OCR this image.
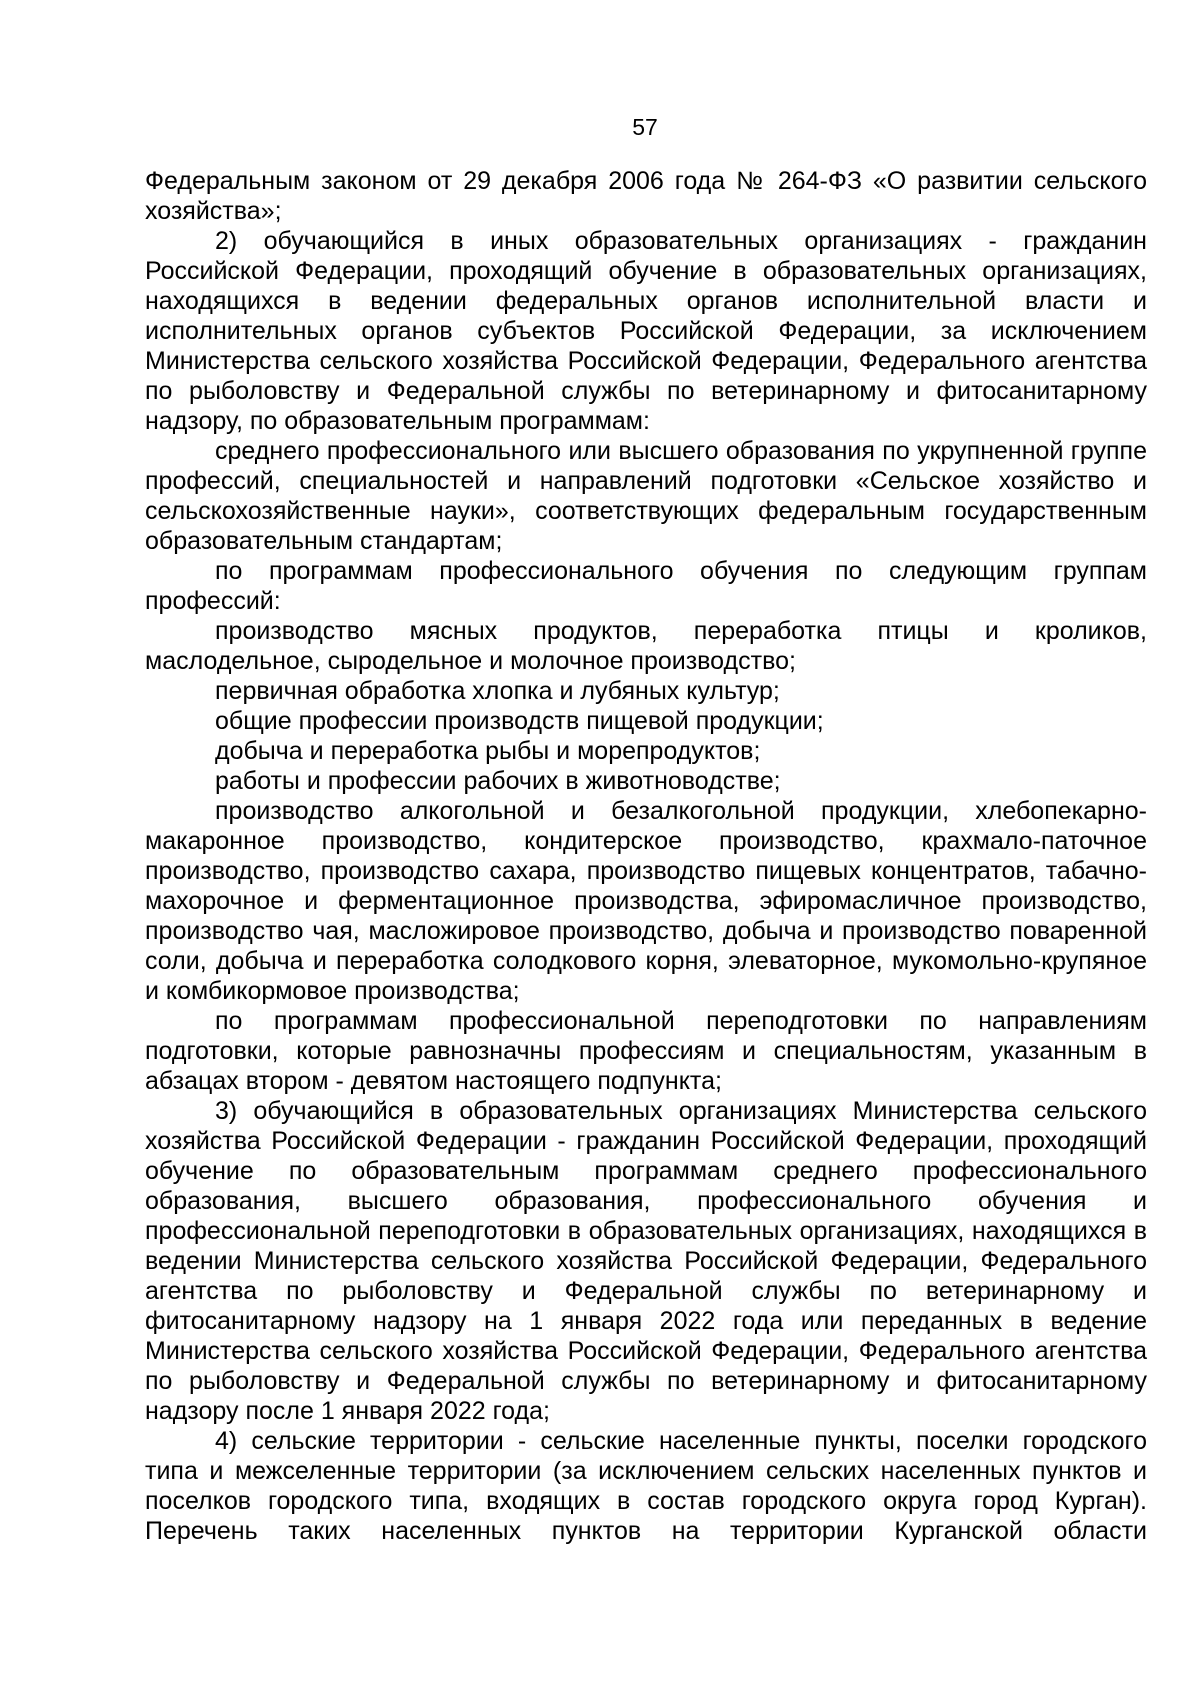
57

Федеральным законом от 29 декабря 2006 года № 264-ФЗ «О развитии сельского хозяйства»;

2) обучающийся в иных образовательных организациях - гражданин Российской Федерации, проходящий обучение в образовательных организациях, находящихся в ведении федеральных органов исполнительной власти и исполнительных органов субъектов Российской Федерации, за исключением Министерства сельского хозяйства Российской Федерации, Федерального агентства по рыболовству и Федеральной службы по ветеринарному и фитосанитарному надзору, по образовательным программам:

среднего профессионального или высшего образования по укрупненной группе профессий, специальностей и направлений подготовки «Сельское хозяйство и сельскохозяйственные науки», соответствующих федеральным государственным образовательным стандартам;

по программам профессионального обучения по следующим группам профессий:

производство мясных продуктов, переработка птицы и кроликов, маслодельное, сыродельное и молочное производство;

первичная обработка хлопка и лубяных культур;

общие профессии производств пищевой продукции;

добыча и переработка рыбы и морепродуктов;

работы и профессии рабочих в животноводстве;

производство алкогольной и безалкогольной продукции, хлебопекарно-макаронное производство, кондитерское производство, крахмало-паточное производство, производство сахара, производство пищевых концентратов, табачно-махорочное и ферментационное производства, эфиромасличное производство, производство чая, масложировое производство, добыча и производство поваренной соли, добыча и переработка солодкового корня, элеваторное, мукомольно-крупяное и комбикормовое производства;

по программам профессиональной переподготовки по направлениям подготовки, которые равнозначны профессиям и специальностям, указанным в абзацах втором - девятом настоящего подпункта;

3) обучающийся в образовательных организациях Министерства сельского хозяйства Российской Федерации - гражданин Российской Федерации, проходящий обучение по образовательным программам среднего профессионального образования, высшего образования, профессионального обучения и профессиональной переподготовки в образовательных организациях, находящихся в ведении Министерства сельского хозяйства Российской Федерации, Федерального агентства по рыболовству и Федеральной службы по ветеринарному и фитосанитарному надзору на 1 января 2022 года или переданных в ведение Министерства сельского хозяйства Российской Федерации, Федерального агентства по рыболовству и Федеральной службы по ветеринарному и фитосанитарному надзору после 1 января 2022 года;

4) сельские территории - сельские населенные пункты, поселки городского типа и межселенные территории (за исключением сельских населенных пунктов и поселков городского типа, входящих в состав городского округа город Курган). Перечень таких населенных пунктов на территории Курганской области
